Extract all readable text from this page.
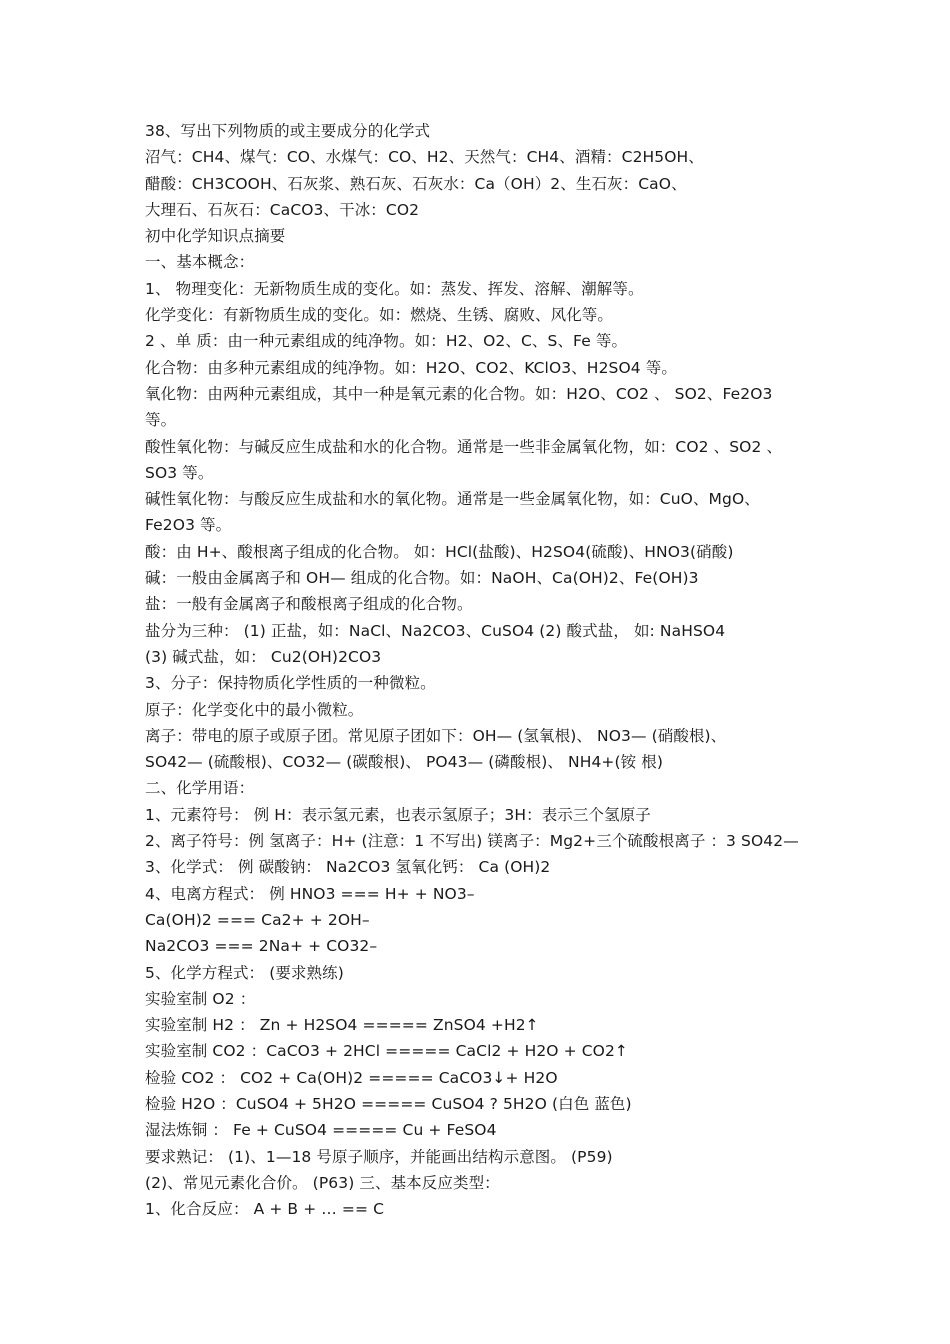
38、写出下列物质的或主要成分的化学式
沼气：CH4、煤气：CO、水煤气：CO、H2、天然气：CH4、酒精：C2H5OH、
醋酸：CH3COOH、石灰浆、熟石灰、石灰水：Ca（OH）2、生石灰：CaO、
大理石、石灰石：CaCO3、干冰：CO2
初中化学知识点摘要
一、基本概念：
1、 物理变化：无新物质生成的变化。如：蒸发、挥发、溶解、潮解等。
化学变化：有新物质生成的变化。如：燃烧、生锈、腐败、风化等。
2 、单 质：由一种元素组成的纯净物。如：H2、O2、C、S、Fe 等。
化合物：由多种元素组成的纯净物。如：H2O、CO2、KClO3、H2SO4 等。
氧化物：由两种元素组成，其中一种是氧元素的化合物。如：H2O、CO2 、 SO2、Fe2O3
等。
酸性氧化物：与碱反应生成盐和水的化合物。通常是一些非金属氧化物，如：CO2 、SO2 、
SO3 等。
碱性氧化物：与酸反应生成盐和水的氧化物。通常是一些金属氧化物，如：CuO、MgO、
Fe2O3 等。
酸：由 H+、酸根离子组成的化合物。 如：HCl(盐酸)、H2SO4(硫酸)、HNO3(硝酸)
碱：一般由金属离子和 OH— 组成的化合物。如：NaOH、Ca(OH)2、Fe(OH)3
盐：一般有金属离子和酸根离子组成的化合物。
盐分为三种： (1) 正盐，如：NaCl、Na2CO3、CuSO4 (2) 酸式盐， 如: NaHSO4
(3) 碱式盐，如： Cu2(OH)2CO3
3、分子：保持物质化学性质的一种微粒。
原子：化学变化中的最小微粒。
离子：带电的原子或原子团。常见原子团如下：OH— (氢氧根)、 NO3— (硝酸根)、
SO42— (硫酸根)、CO32— (碳酸根)、 PO43— (磷酸根)、 NH4+(铵 根)
二、化学用语：
1、元素符号： 例 H：表示氢元素，也表示氢原子；3H：表示三个氢原子
2、离子符号：例 氢离子：H+ (注意：1 不写出) 镁离子：Mg2+三个硫酸根离子 ：3 SO42—
3、化学式： 例 碳酸钠： Na2CO3 氢氧化钙： Ca (OH)2
4、电离方程式： 例 HNO3 === H+ + NO3–
Ca(OH)2 === Ca2+ + 2OH–
Na2CO3 === 2Na+ + CO32–
5、化学方程式： (要求熟练)
实验室制 O2 ：
实验室制 H2 ： Zn + H2SO4 ===== ZnSO4 +H2↑
实验室制 CO2 ：CaCO3 + 2HCl ===== CaCl2 + H2O + CO2↑
检验 CO2 ： CO2 + Ca(OH)2 ===== CaCO3↓+ H2O
检验 H2O ：CuSO4 + 5H2O ===== CuSO4 ? 5H2O (白色 蓝色)
湿法炼铜 ： Fe + CuSO4 ===== Cu + FeSO4
要求熟记： (1)、1—18 号原子顺序，并能画出结构示意图。 (P59)
(2)、常见元素化合价。 (P63) 三、基本反应类型：
1、化合反应： A + B + … == C
